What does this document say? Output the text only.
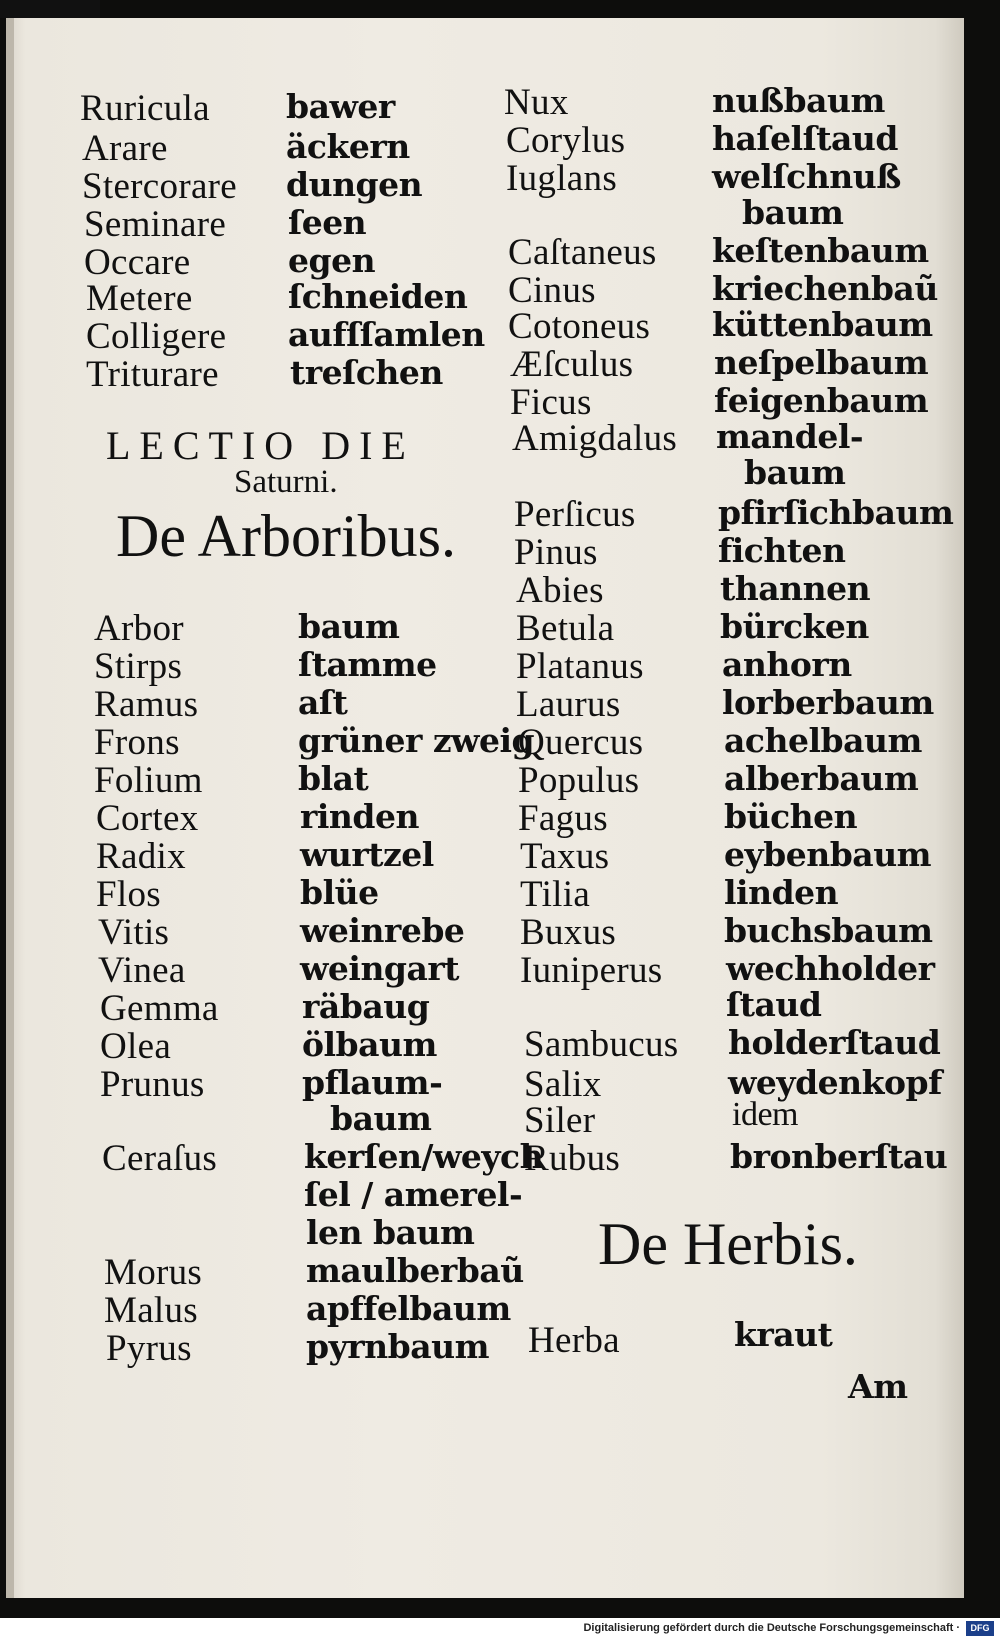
Ruricula bawer
Arare	äckern
Stercorare dungen
Seminare ſeen
Occare	egen
Metere	ſchneiden
Colligere aufſſamlen
Triturare treſchen
LECTIO DIE
Saturni.
De Arboribus.
Arbor	baum
Stirps	ſtamme
Ramus	aſt
Frons	grüner zweig
Folium	blat
Cortex	rinden
Radix	wurtzel
Flos	blüe
Vitis	weinrebe
Vinea	weingart
Gemma	räbaug
Olea	ölbaum
Prunus	pflaum-
baum
Ceraſus	kerſen/weych
ſel / amerel-
len baum
Morus	maulberbaũ
Malus	apffelbaum
Pyrus	pyrnbaum
Nux	nußbaum
Corylus	haſelſtaud
Iuglans	welſchnuß
baum
Caſtaneus keſtenbaum
Cinus	kriechenbaũ
Cotoneus küttenbaum
Æſculus neſpelbaum
Ficus	feigenbaum
Amigdalus mandel-
baum
Perſicus pfirſichbaum
Pinus	fichten
Abies	thannen
Betula	bürcken
Platanus anhorn
Laurus	lorberbaum
Quercus achelbaum
Populus	alberbaum
Fagus	büchen
Taxus	eybenbaum
Tilia	linden
Buxus	buchsbaum
Iuniperus wechholder
ſtaud
Sambucus holderſtaud
Salix	weydenkopf
Siler	idem
Rubus	bronberſtau
De Herbis.
Herba	kraut
Am
Digitalisierung gefördert durch die Deutsche Forschungsgemeinschaft ·	DFG
